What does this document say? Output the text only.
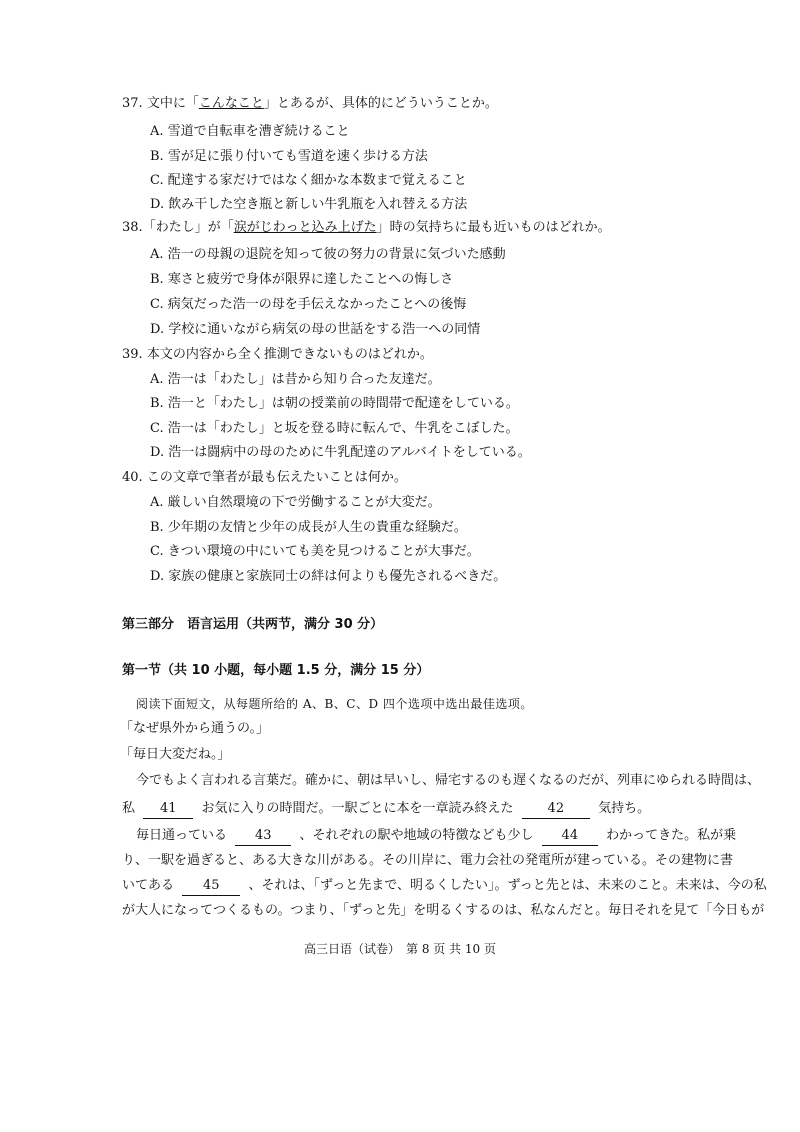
37. 文中に「こんなこと」とあるが、具体的にどういうことか。
A. 雪道で自転車を漕ぎ続けること
B. 雪が足に張り付いても雪道を速く歩ける方法
C. 配達する家だけではなく細かな本数まで覚えること
D. 飲み干した空き瓶と新しい牛乳瓶を入れ替える方法
38.「わたし」が「涙がじわっと込み上げた」時の気持ちに最も近いものはどれか。
A. 浩一の母親の退院を知って彼の努力の背景に気づいた感動
B. 寒さと疲労で身体が限界に達したことへの悔しさ
C. 病気だった浩一の母を手伝えなかったことへの後悔
D. 学校に通いながら病気の母の世話をする浩一への同情
39. 本文の内容から全く推測できないものはどれか。
A. 浩一は「わたし」は昔から知り合った友達だ。
B. 浩一と「わたし」は朝の授業前の時間帯で配達をしている。
C. 浩一は「わたし」と坂を登る時に転んで、牛乳をこぼした。
D. 浩一は闘病中の母のために牛乳配達のアルバイトをしている。
40. この文章で筆者が最も伝えたいことは何か。
A. 厳しい自然環境の下で労働することが大変だ。
B. 少年期の友情と少年の成長が人生の貴重な経験だ。
C. きつい環境の中にいても美を見つけることが大事だ。
D. 家族の健康と家族同士の絆は何よりも優先されるべきだ。
第三部分　语言运用（共两节，满分 30 分）
第一节（共 10 小题，每小题 1.5 分，满分 15 分）
阅读下面短文，从每题所给的 A、B、C、D 四个选项中选出最佳选项。
「なぜ県外から通うの。」
「毎日大変だね。」
今でもよく言われる言葉だ。確かに、朝は早いし、帰宅するのも遅くなるのだが、列車にゆられる時間は、
私 41 お気に入りの時間だ。一駅ごとに本を一章読み終えた	42	気持ち。
毎日通っている 43 、それぞれの駅や地域の特徴なども少し 44 わかってきた。私が乗
り、一駅を過ぎると、ある大きな川がある。その川岸に、電力会社の発電所が建っている。その建物に書
いてある 45 、それは、「ずっと先まで、明るくしたい」。ずっと先とは、未来のこと。未来は、今の私
が大人になってつくるもの。つまり、「ずっと先」を明るくするのは、私なんだと。毎日それを見て「今日もが
高三日语（试卷）　第 8 页 共 10 页
